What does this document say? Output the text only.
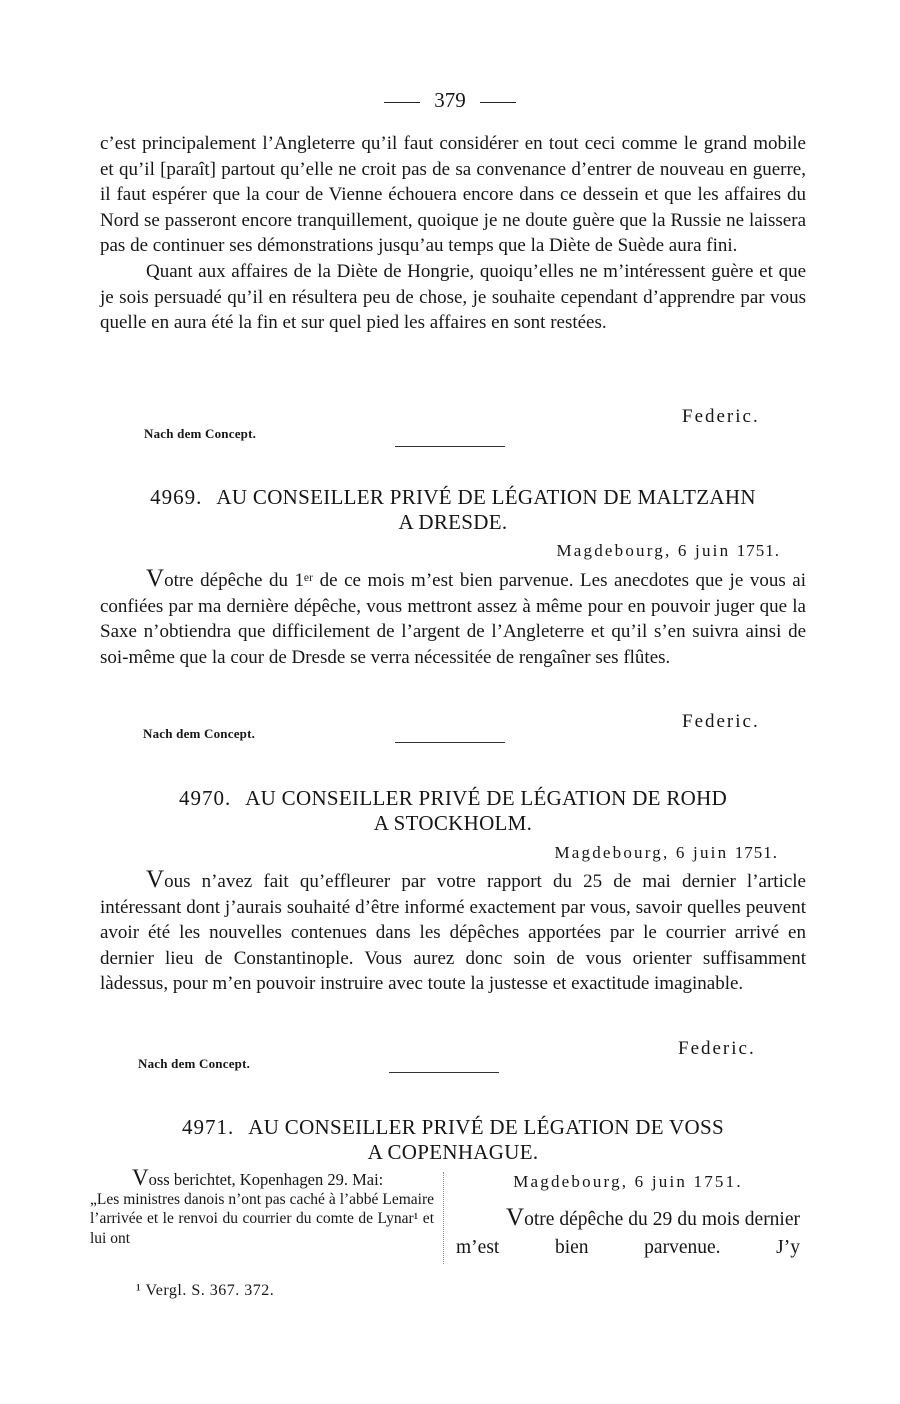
379

c’est principalement l’Angleterre qu’il faut considérer en tout ceci comme le grand mobile et qu’il [paraît] partout qu’elle ne croit pas de sa convenance d’entrer de nouveau en guerre, il faut espérer que la cour de Vienne échouera encore dans ce dessein et que les affaires du Nord se passeront encore tranquillement, quoique je ne doute guère que la Russie ne laissera pas de continuer ses démonstrations jusqu’au temps que la Diète de Suède aura fini.

Quant aux affaires de la Diète de Hongrie, quoiqu’elles ne m’intéressent guère et que je sois persuadé qu’il en résultera peu de chose, je souhaite cependant d’apprendre par vous quelle en aura été la fin et sur quel pied les affaires en sont restées.

Federic.
Nach dem Concept.
4969. AU CONSEILLER PRIVÉ DE LÉGATION DE MALTZAHN
A DRESDE.
Magdebourg, 6 juin 1751.

Votre dépêche du 1ᵉʳ de ce mois m’est bien parvenue. Les anecdotes que je vous ai confiées par ma dernière dépêche, vous mettront assez à même pour en pouvoir juger que la Saxe n’obtiendra que difficilement de l’argent de l’Angleterre et qu’il s’en suivra ainsi de soi-même que la cour de Dresde se verra nécessitée de rengaîner ses flûtes.

Federic.
Nach dem Concept.
4970. AU CONSEILLER PRIVÉ DE LÉGATION DE ROHD
A STOCKHOLM.
Magdebourg, 6 juin 1751.

Vous n’avez fait qu’effleurer par votre rapport du 25 de mai dernier l’article intéressant dont j’aurais souhaité d’être informé exactement par vous, savoir quelles peuvent avoir été les nouvelles contenues dans les dépêches apportées par le courrier arrivé en dernier lieu de Constantinople. Vous aurez donc soin de vous orienter suffisamment làdessus, pour m’en pouvoir instruire avec toute la justesse et exactitude imaginable.

Federic.
Nach dem Concept.
4971. AU CONSEILLER PRIVÉ DE LÉGATION DE VOSS
A COPENHAGUE.
Voss berichtet, Kopenhagen 29. Mai:
„Les ministres danois n’ont pas caché à l’abbé Lemaire l’arrivée et le renvoi du courrier du comte de Lynar¹ et lui ont
Magdebourg, 6 juin 1751.

Votre dépêche du 29 du mois dernier m’est bien parvenue. J’y

¹ Vergl. S. 367. 372.
